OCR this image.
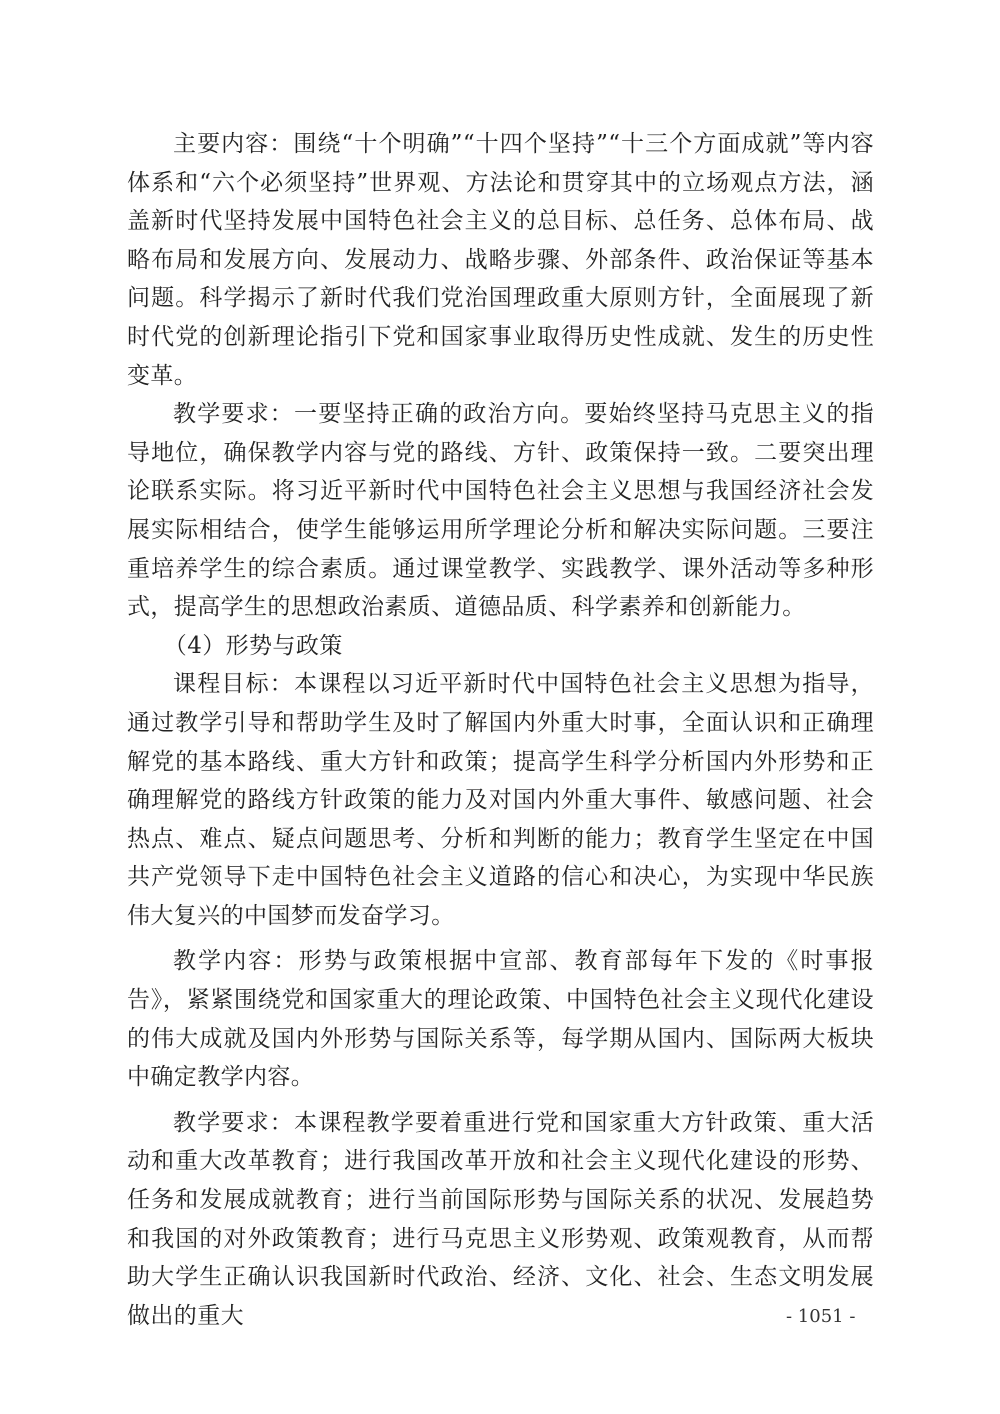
主要内容：围绕“十个明确”“十四个坚持”“十三个方面成就”等内容体系和“六个必须坚持”世界观、方法论和贯穿其中的立场观点方法，涵盖新时代坚持发展中国特色社会主义的总目标、总任务、总体布局、战略布局和发展方向、发展动力、战略步骤、外部条件、政治保证等基本问题。科学揭示了新时代我们党治国理政重大原则方针，全面展现了新时代党的创新理论指引下党和国家事业取得历史性成就、发生的历史性变革。

教学要求：一要坚持正确的政治方向。要始终坚持马克思主义的指导地位，确保教学内容与党的路线、方针、政策保持一致。二要突出理论联系实际。将习近平新时代中国特色社会主义思想与我国经济社会发展实际相结合，使学生能够运用所学理论分析和解决实际问题。三要注重培养学生的综合素质。通过课堂教学、实践教学、课外活动等多种形式，提高学生的思想政治素质、道德品质、科学素养和创新能力。

（4）形势与政策

课程目标：本课程以习近平新时代中国特色社会主义思想为指导，通过教学引导和帮助学生及时了解国内外重大时事，全面认识和正确理解党的基本路线、重大方针和政策；提高学生科学分析国内外形势和正确理解党的路线方针政策的能力及对国内外重大事件、敏感问题、社会热点、难点、疑点问题思考、分析和判断的能力；教育学生坚定在中国共产党领导下走中国特色社会主义道路的信心和决心，为实现中华民族伟大复兴的中国梦而发奋学习。

教学内容：形势与政策根据中宣部、教育部每年下发的《时事报告》，紧紧围绕党和国家重大的理论政策、中国特色社会主义现代化建设的伟大成就及国内外形势与国际关系等，每学期从国内、国际两大板块中确定教学内容。

教学要求：本课程教学要着重进行党和国家重大方针政策、重大活动和重大改革教育；进行我国改革开放和社会主义现代化建设的形势、任务和发展成就教育；进行当前国际形势与国际关系的状况、发展趋势和我国的对外政策教育；进行马克思主义形势观、政策观教育，从而帮助大学生正确认识我国新时代政治、经济、文化、社会、生态文明发展做出的重大	- 1051 -
